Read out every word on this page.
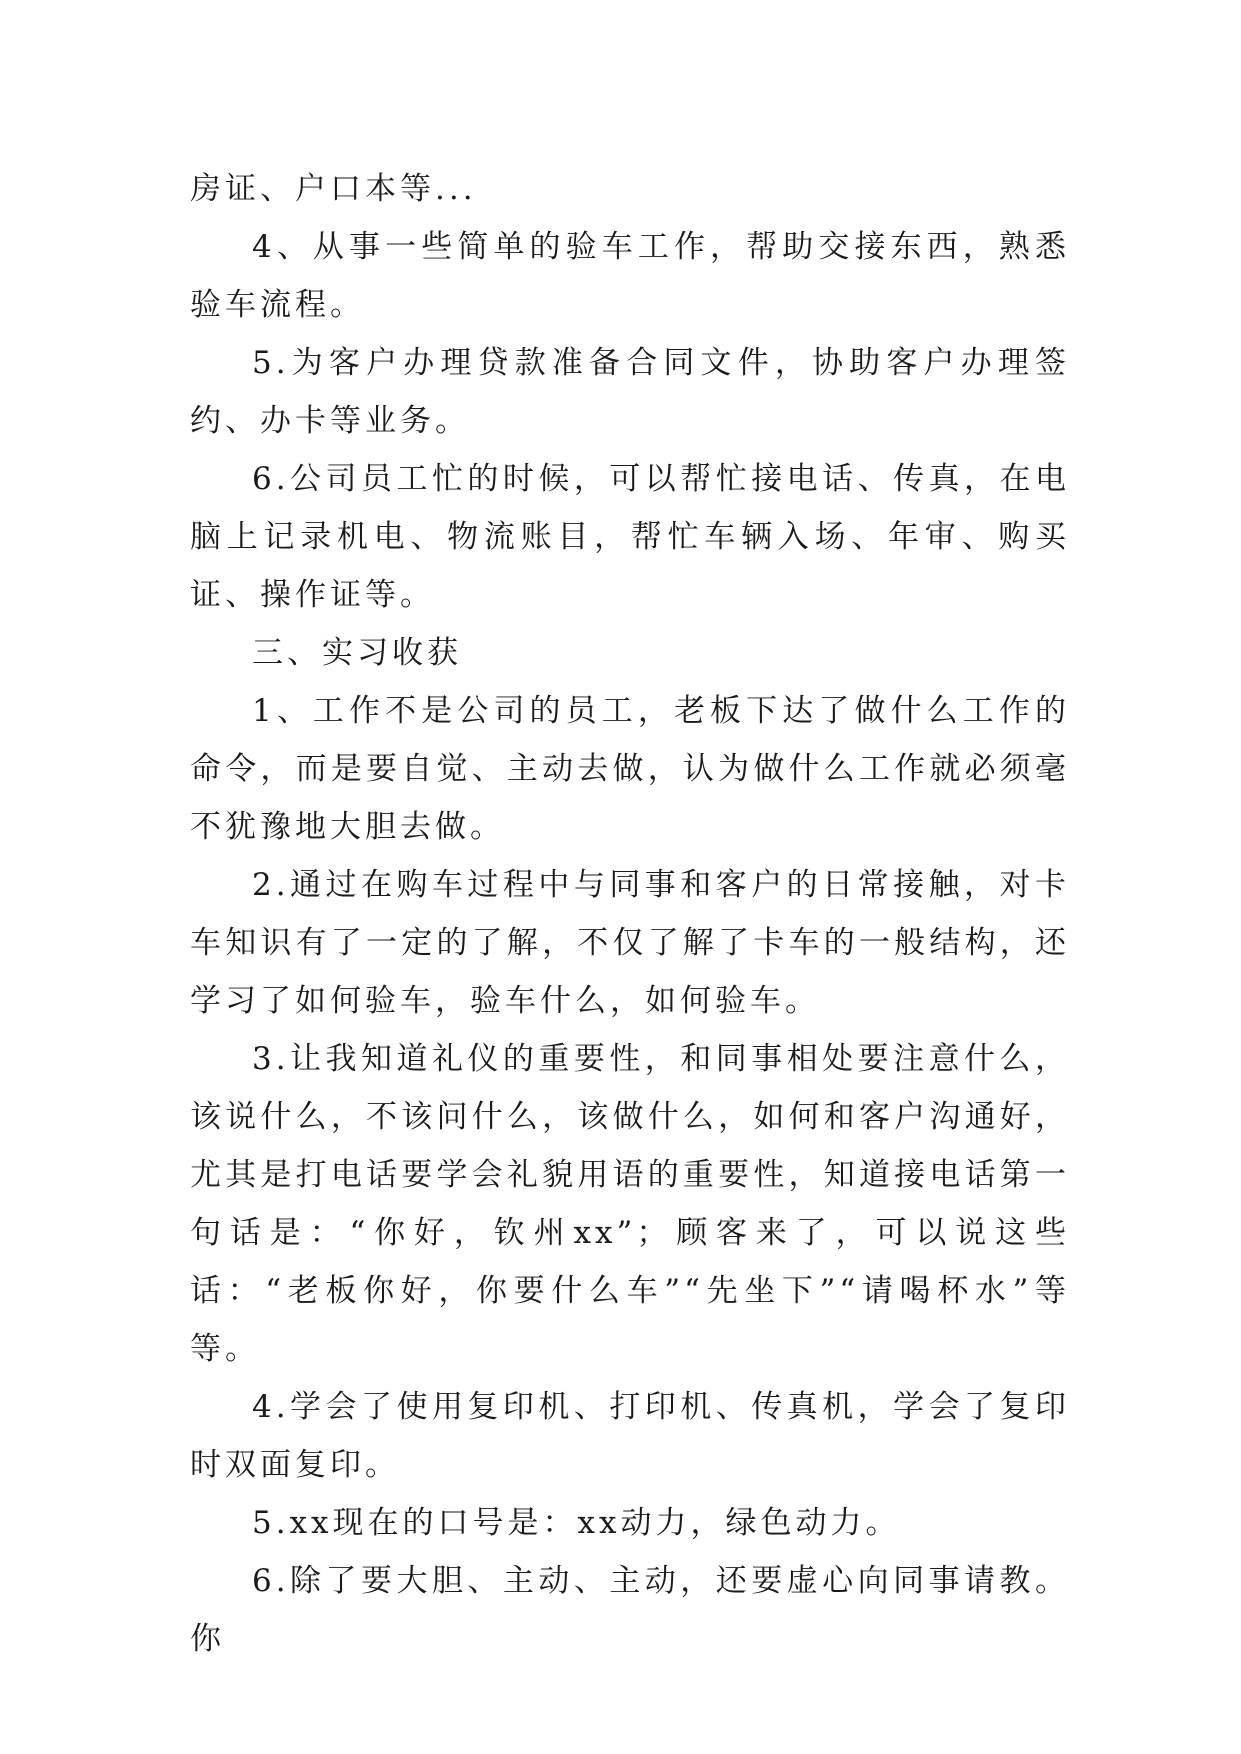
房证、户口本等...

4、从事一些简单的验车工作，帮助交接东西，熟悉验车流程。

5.为客户办理贷款准备合同文件，协助客户办理签约、办卡等业务。

6.公司员工忙的时候，可以帮忙接电话、传真，在电脑上记录机电、物流账目，帮忙车辆入场、年审、购买证、操作证等。

三、实习收获

1、工作不是公司的员工，老板下达了做什么工作的命令，而是要自觉、主动去做，认为做什么工作就必须毫不犹豫地大胆去做。

2.通过在购车过程中与同事和客户的日常接触，对卡车知识有了一定的了解，不仅了解了卡车的一般结构，还学习了如何验车，验车什么，如何验车。

3.让我知道礼仪的重要性，和同事相处要注意什么，该说什么，不该问什么，该做什么，如何和客户沟通好，尤其是打电话要学会礼貌用语的重要性，知道接电话第一句话是：“你好，钦州xx”；顾客来了，可以说这些话：“老板你好，你要什么车”“先坐下”“请喝杯水”等等。

4.学会了使用复印机、打印机、传真机，学会了复印时双面复印。

5.xx现在的口号是：xx动力，绿色动力。

6.除了要大胆、主动、主动，还要虚心向同事请教。你
